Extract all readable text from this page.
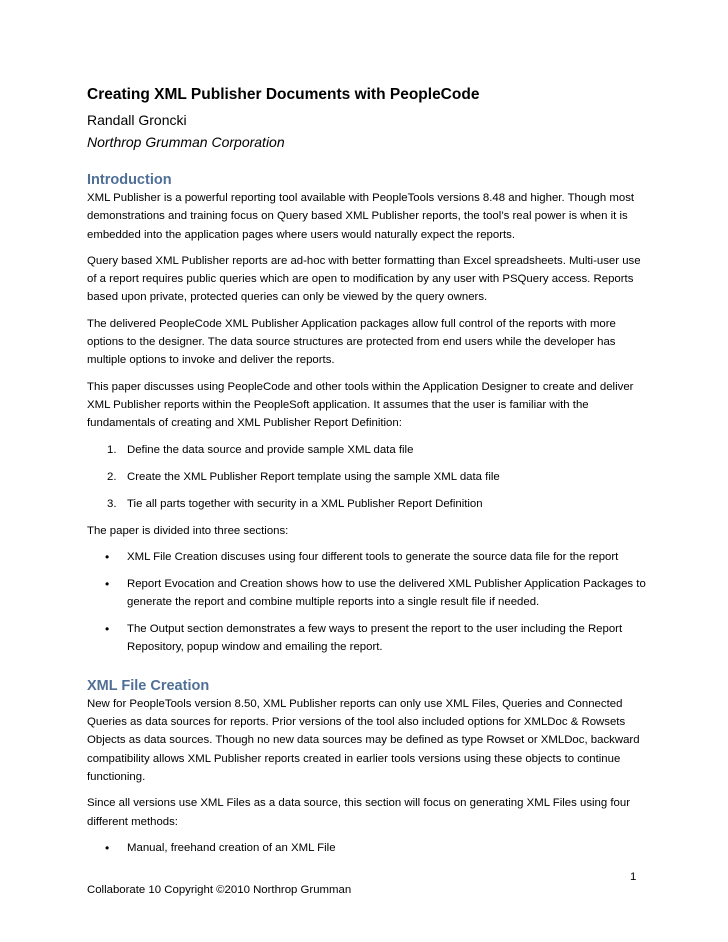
Creating XML Publisher Documents with PeopleCode

Randall Groncki

Northrop Grumman Corporation

Introduction

XML Publisher is a powerful reporting tool available with PeopleTools versions 8.48 and higher. Though most demonstrations and training focus on Query based XML Publisher reports, the tool’s real power is when it is embedded into the application pages where users would naturally expect the reports.

Query based XML Publisher reports are ad-hoc with better formatting than Excel spreadsheets. Multi-user use of a report requires public queries which are open to modification by any user with PSQuery access. Reports based upon private, protected queries can only be viewed by the query owners.

The delivered PeopleCode XML Publisher Application packages allow full control of the reports with more options to the designer. The data source structures are protected from end users while the developer has multiple options to invoke and deliver the reports.

This paper discusses using PeopleCode and other tools within the Application Designer to create and deliver XML Publisher reports within the PeopleSoft application. It assumes that the user is familiar with the fundamentals of creating and XML Publisher Report Definition:

1. Define the data source and provide sample XML data file
2. Create the XML Publisher Report template using the sample XML data file
3. Tie all parts together with security in a XML Publisher Report Definition

The paper is divided into three sections:

• XML File Creation discuses using four different tools to generate the source data file for the report
• Report Evocation and Creation shows how to use the delivered XML Publisher Application Packages to generate the report and combine multiple reports into a single result file if needed.
• The Output section demonstrates a few ways to present the report to the user including the Report Repository, popup window and emailing the report.
XML File Creation

New for PeopleTools version 8.50, XML Publisher reports can only use XML Files, Queries and Connected Queries as data sources for reports. Prior versions of the tool also included options for XMLDoc & Rowsets Objects as data sources. Though no new data sources may be defined as type Rowset or XMLDoc, backward compatibility allows XML Publisher reports created in earlier tools versions using these objects to continue functioning.

Since all versions use XML Files as a data source, this section will focus on generating XML Files using four different methods:

• Manual, freehand creation of an XML File
1
Collaborate 10 Copyright ©2010 Northrop Grumman
